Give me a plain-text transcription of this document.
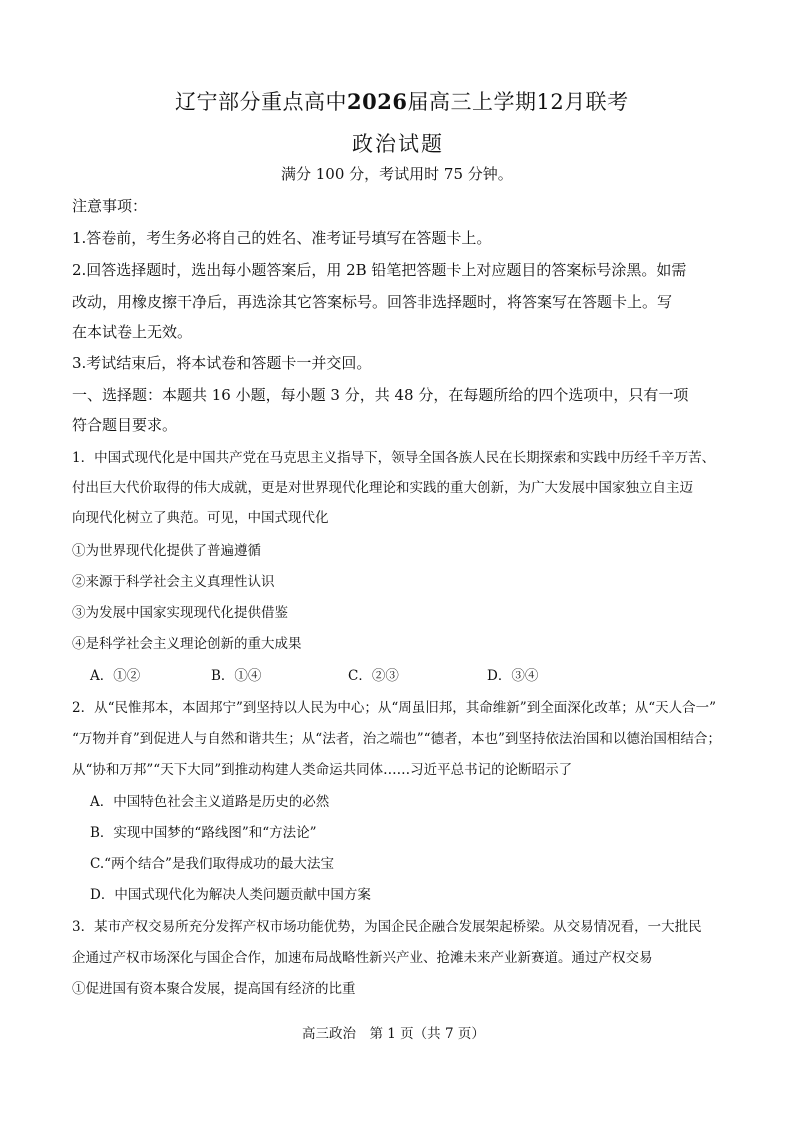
辽宁部分重点高中2026届高三上学期12月联考
政治试题
满分 100 分，考试用时 75 分钟。
注意事项：
1.答卷前，考生务必将自己的姓名、准考证号填写在答题卡上。
2.回答选择题时，选出每小题答案后，用 2B 铅笔把答题卡上对应题目的答案标号涂黑。如需
改动，用橡皮擦干净后，再选涂其它答案标号。回答非选择题时，将答案写在答题卡上。写
在本试卷上无效。
3.考试结束后，将本试卷和答题卡一并交回。
一、选择题：本题共 16 小题，每小题 3 分，共 48 分，在每题所给的四个选项中，只有一项
符合题目要求。
1．中国式现代化是中国共产党在马克思主义指导下，领导全国各族人民在长期探索和实践中历经千辛万苦、
付出巨大代价取得的伟大成就，更是对世界现代化理论和实践的重大创新，为广大发展中国家独立自主迈
向现代化树立了典范。可见，中国式现代化
①为世界现代化提供了普遍遵循
②来源于科学社会主义真理性认识
③为发展中国家实现现代化提供借鉴
④是科学社会主义理论创新的重大成果
A．①②	B．①④	C．②③	D．③④
2．从“民惟邦本，本固邦宁”到坚持以人民为中心；从“周虽旧邦，其命维新”到全面深化改革；从“天人合一”
“万物并育”到促进人与自然和谐共生；从“法者，治之端也”“德者，本也”到坚持依法治国和以德治国相结合；
从“协和万邦”“天下大同”到推动构建人类命运共同体……习近平总书记的论断昭示了
A．中国特色社会主义道路是历史的必然
B．实现中国梦的“路线图”和“方法论”
C.“两个结合”是我们取得成功的最大法宝
D．中国式现代化为解决人类问题贡献中国方案
3．某市产权交易所充分发挥产权市场功能优势，为国企民企融合发展架起桥梁。从交易情况看，一大批民
企通过产权市场深化与国企合作，加速布局战略性新兴产业、抢滩未来产业新赛道。通过产权交易
①促进国有资本聚合发展，提高国有经济的比重
高三政治　第 1 页（共 7 页）
